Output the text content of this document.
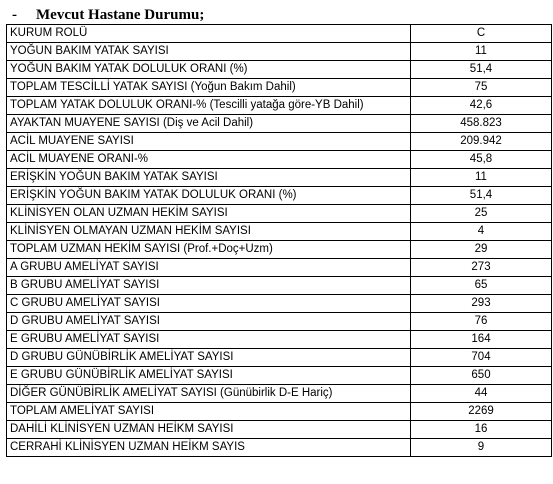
-	Mevcut Hastane Durumu;
KURUM ROLÜ	C
YOĞUN BAKIM YATAK SAYISI	11
YOĞUN BAKIM YATAK DOLULUK ORANI (%)	51,4
TOPLAM TESCİLLİ YATAK SAYISI (Yoğun Bakım Dahil)	75
TOPLAM YATAK DOLULUK ORANI-% (Tescilli yatağa göre-YB Dahil)	42,6
AYAKTAN MUAYENE SAYISI (Diş ve Acil Dahil)	458.823
ACİL MUAYENE SAYISI	209.942
ACİL MUAYENE ORANI-%	45,8
ERİŞKİN YOĞUN BAKIM YATAK SAYISI	11
ERİŞKİN YOĞUN BAKIM YATAK DOLULUK ORANI (%)	51,4
KLİNİSYEN OLAN UZMAN HEKİM SAYISI	25
KLİNİSYEN OLMAYAN UZMAN HEKİM SAYISI	4
TOPLAM UZMAN HEKİM SAYISI (Prof.+Doç+Uzm)	29
A GRUBU AMELİYAT SAYISI	273
B GRUBU AMELİYAT SAYISI	65
C GRUBU AMELİYAT SAYISI	293
D GRUBU AMELİYAT SAYISI	76
E GRUBU AMELİYAT SAYISI	164
D GRUBU GÜNÜBİRLİK AMELİYAT SAYISI	704
E GRUBU GÜNÜBİRLİK AMELİYAT SAYISI	650
DİĞER GÜNÜBİRLİK AMELİYAT SAYISI (Günübirlik D-E Hariç)	44
TOPLAM AMELİYAT SAYISI	2269
DAHİLİ KLİNİSYEN UZMAN HEİKM SAYISI	16
CERRAHİ KLİNİSYEN UZMAN HEİKM SAYIS	9
